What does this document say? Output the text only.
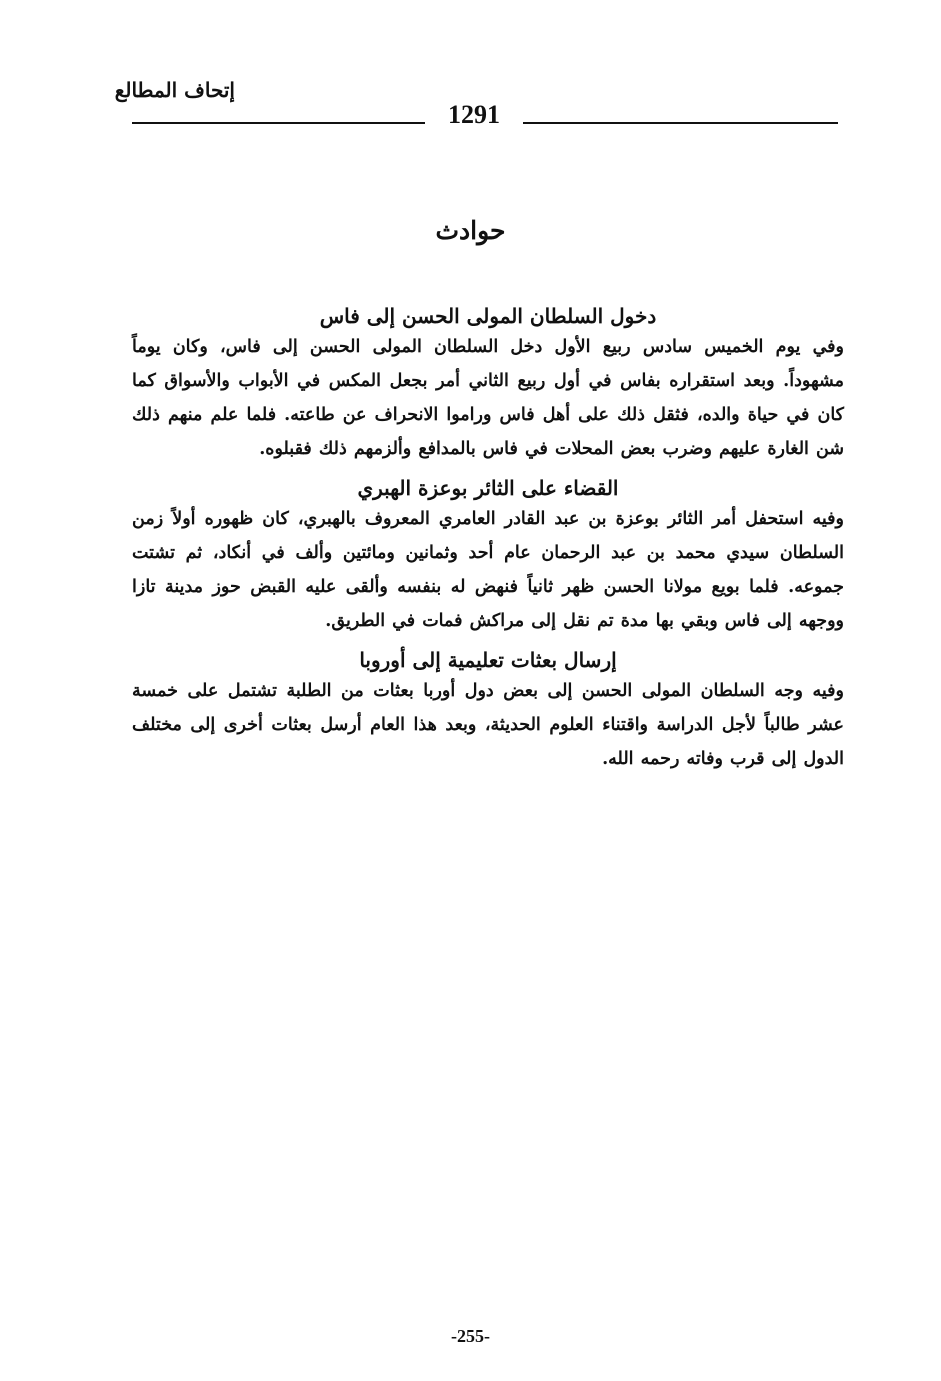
إتحاف المطالع
1291
حوادث
دخول السلطان المولى الحسن إلى فاس

وفي يوم الخميس سادس ربيع الأول دخل السلطان المولى الحسن إلى فاس، وكان يوماً مشهوداً. وبعد استقراره بفاس في أول ربيع الثاني أمر بجعل المكس في الأبواب والأسواق كما كان في حياة والده، فثقل ذلك على أهل فاس وراموا الانحراف عن طاعته. فلما علم منهم ذلك شن الغارة عليهم وضرب بعض المحلات في فاس بالمدافع وألزمهم ذلك فقبلوه.

القضاء على الثائر بوعزة الهبري

وفيه استحفل أمر الثائر بوعزة بن عبد القادر العامري المعروف بالهبري، كان ظهوره أولاً زمن السلطان سيدي محمد بن عبد الرحمان عام أحد وثمانين ومائتين وألف في أنكاد، ثم تشتت جموعه. فلما بويع مولانا الحسن ظهر ثانياً فنهض له بنفسه وألقى عليه القبض حوز مدينة تازا ووجهه إلى فاس وبقي بها مدة تم نقل إلى مراكش فمات في الطريق.

إرسال بعثات تعليمية إلى أوروبا

وفيه وجه السلطان المولى الحسن إلى بعض دول أوربا بعثات من الطلبة تشتمل على خمسة عشر طالباً لأجل الدراسة واقتناء العلوم الحديثة، وبعد هذا العام أرسل بعثات أخرى إلى مختلف الدول إلى قرب وفاته رحمه الله.

-255-
